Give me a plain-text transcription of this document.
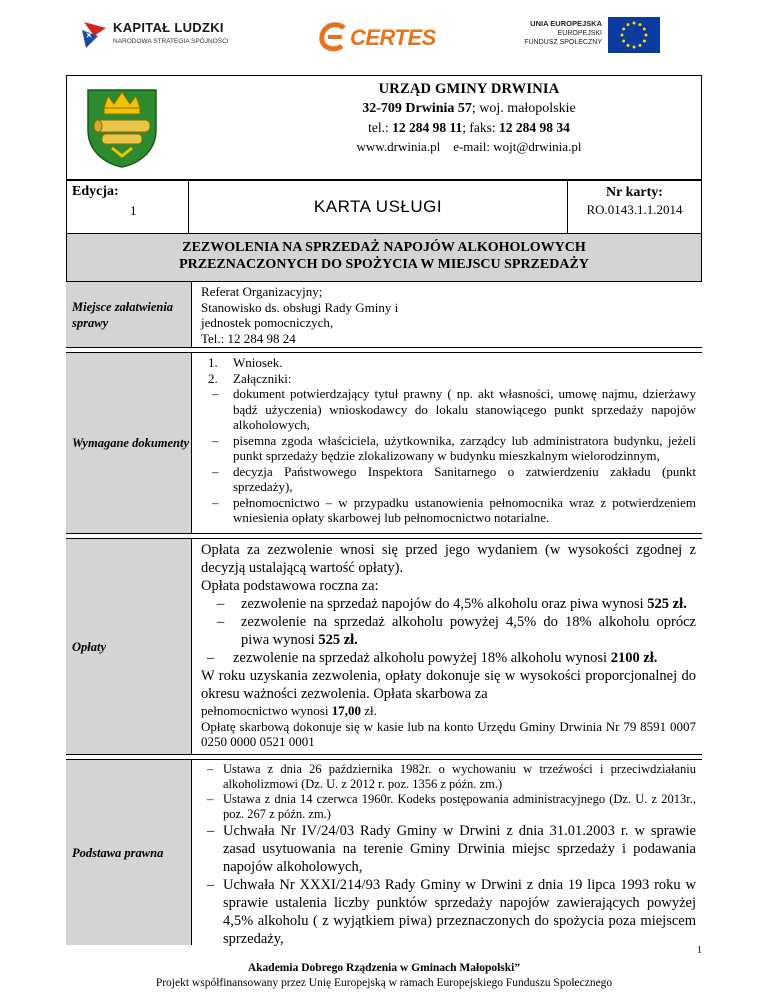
KAPITAŁ LUDZKI
NARODOWA STRATEGIA SPÓJNOŚCI	CERTES
UNIA EUROPEJSKA
EUROPEJSKI
FUNDUSZ SPOŁECZNY
URZĄD GMINY DRWINIA
32-709 Drwinia 57; woj. małopolskie
tel.: 12 284 98 11; faks: 12 284 98 34
www.drwinia.pl e-mail: wojt@drwinia.pl
Edycja:
1	KARTA USŁUGI
Nr karty:
RO.0143.1.1.2014
ZEZWOLENIA NA SPRZEDAŻ NAPOJÓW ALKOHOLOWYCH
PRZEZNACZONYCH DO SPOŻYCIA W MIEJSCU SPRZEDAŻY
Miejsce załatwienia sprawy
Referat Organizacyjny;
Stanowisko ds. obsługi Rady Gminy i
jednostek pomocniczych,
Tel.: 12 284 98 24
Wymagane dokumenty
1. Wniosek.
2. Załączniki:
– dokument potwierdzający tytuł prawny ( np. akt własności, umowę najmu, dzierżawy bądź użyczenia) wnioskodawcy do lokalu stanowiącego punkt sprzedaży napojów alkoholowych,
– pisemna zgoda właściciela, użytkownika, zarządcy lub administratora budynku, jeżeli punkt sprzedaży będzie zlokalizowany w budynku mieszkalnym wielorodzinnym,
– decyzja Państwowego Inspektora Sanitarnego o zatwierdzeniu zakładu (punkt sprzedaży),
– pełnomocnictwo – w przypadku ustanowienia pełnomocnika wraz z potwierdzeniem wniesienia opłaty skarbowej lub pełnomocnictwo notarialne.
Opłaty
Opłata za zezwolenie wnosi się przed jego wydaniem (w wysokości zgodnej z decyzją ustalającą wartość opłaty).
Opłata podstawowa roczna za:
– zezwolenie na sprzedaż napojów do 4,5% alkoholu oraz piwa wynosi 525 zł.
– zezwolenie na sprzedaż alkoholu powyżej 4,5% do 18% alkoholu oprócz piwa wynosi 525 zł.
– zezwolenie na sprzedaż alkoholu powyżej 18% alkoholu wynosi 2100 zł.
W roku uzyskania zezwolenia, opłaty dokonuje się w wysokości proporcjonalnej do okresu ważności zezwolenia. Opłata skarbowa za
pełnomocnictwo wynosi 17,00 zł.
Opłatę skarbową dokonuje się w kasie lub na konto Urzędu Gminy Drwinia Nr 79 8591 0007 0250 0000 0521 0001
Podstawa prawna
– Ustawa z dnia 26 października 1982r. o wychowaniu w trzeźwości i przeciwdziałaniu alkoholizmowi (Dz. U. z 2012 r. poz. 1356 z późn. zm.)
– Ustawa z dnia 14 czerwca 1960r. Kodeks postępowania administracyjnego (Dz. U. z 2013r., poz. 267 z późn. zm.)
– Uchwała Nr IV/24/03 Rady Gminy w Drwini z dnia 31.01.2003 r. w sprawie zasad usytuowania na terenie Gminy Drwinia miejsc sprzedaży i podawania napojów alkoholowych,
– Uchwała Nr XXXI/214/93 Rady Gminy w Drwini z dnia 19 lipca 1993 roku w sprawie ustalenia liczby punktów sprzedaży napojów zawierających powyżej 4,5% alkoholu ( z wyjątkiem piwa) przeznaczonych do spożycia poza miejscem sprzedaży,
1
Akademia Dobrego Rządzenia w Gminach Małopolski”
Projekt współfinansowany przez Unię Europejską w ramach Europejskiego Funduszu Społecznego
